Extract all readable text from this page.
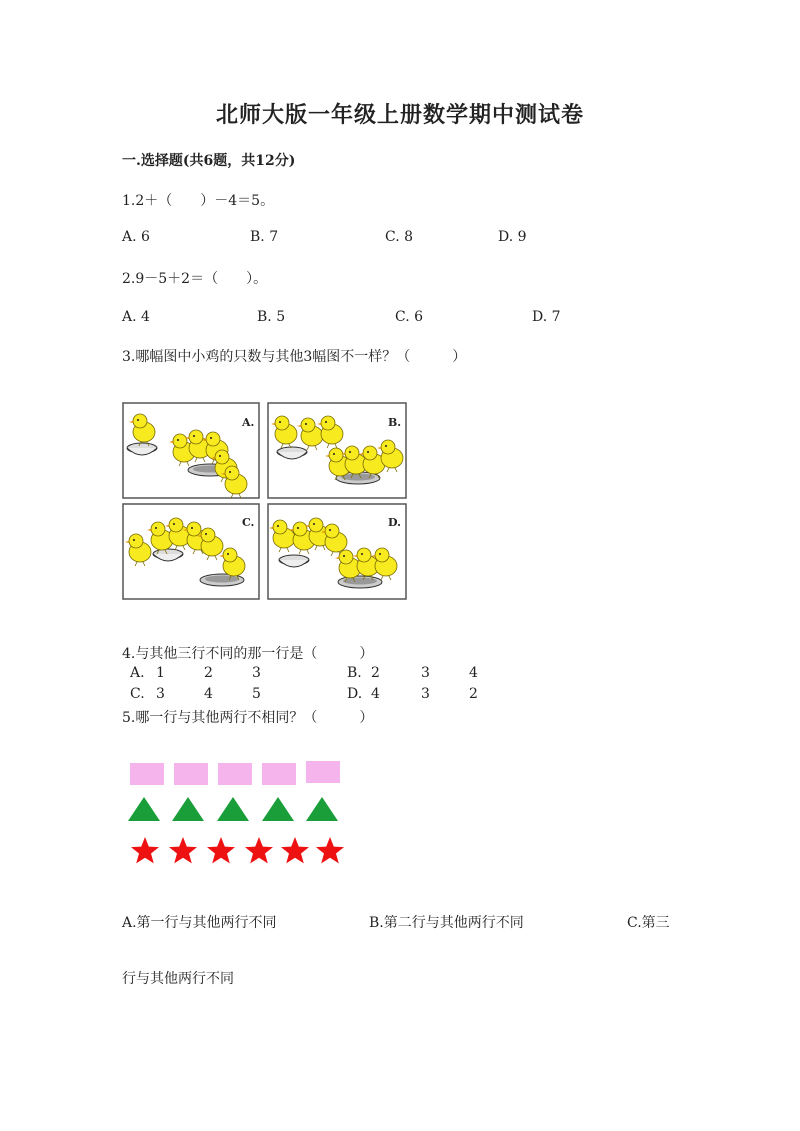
北师大版一年级上册数学期中测试卷
一.选择题(共6题，共12分)
1.2＋（　　）－4＝5。
A. 6	B. 7	C. 8	D. 9
2.9－5＋2＝（　　）。
A. 4	B. 5	C. 6	D. 7
3.哪幅图中小鸡的只数与其他3幅图不一样？（　　　）
A.	B.
C.	D.
4.与其他三行不同的那一行是（　　　）
A. 1	2	3	B. 2	3	4
C. 3	4	5	D. 4	3	2
5.哪一行与其他两行不相同？（　　　）
A.第一行与其他两行不同	B.第二行与其他两行不同	C.第三
行与其他两行不同
